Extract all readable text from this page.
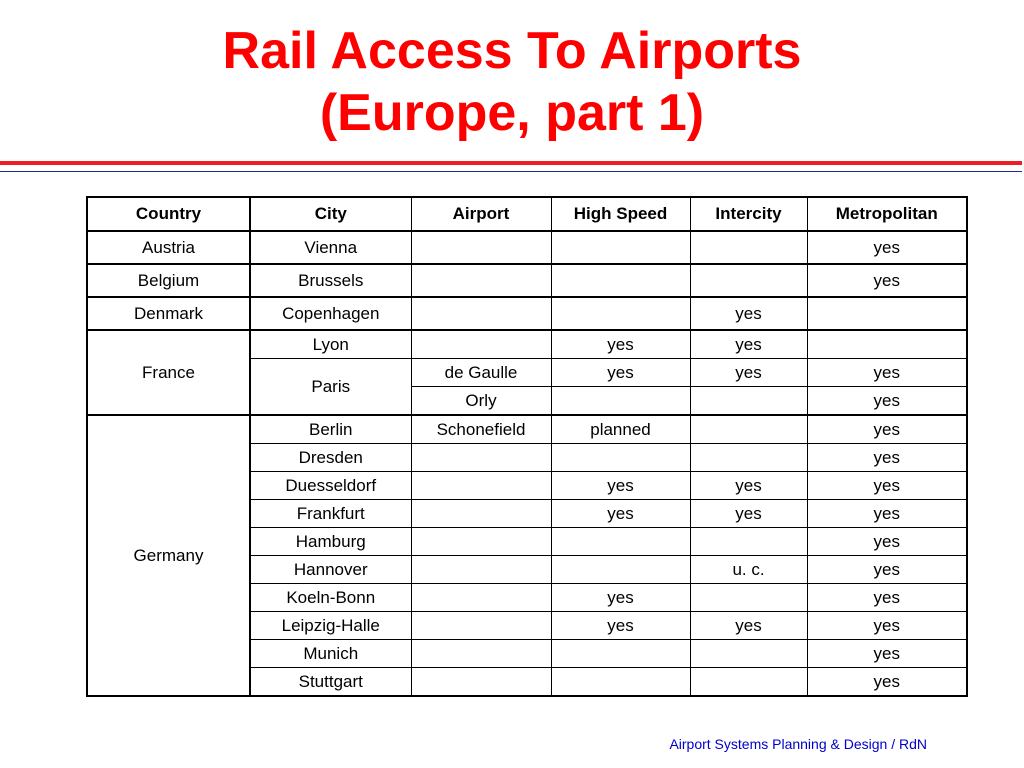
Rail Access To Airports
(Europe, part 1)
Country	City	Airport	High Speed	Intercity	Metropolitan
Austria	Vienna				yes
Belgium	Brussels				yes
Denmark	Copenhagen			yes	
France	Lyon		yes	yes	
	Paris	de Gaulle	yes	yes	yes
		Orly			yes
Germany	Berlin	Schonefield	planned		yes
	Dresden				yes
	Duesseldorf		yes	yes	yes
	Frankfurt		yes	yes	yes
	Hamburg				yes
	Hannover			u. c.	yes
	Koeln-Bonn		yes		yes
	Leipzig-Halle		yes	yes	yes
	Munich				yes
	Stuttgart				yes
Airport Systems Planning & Design / RdN
